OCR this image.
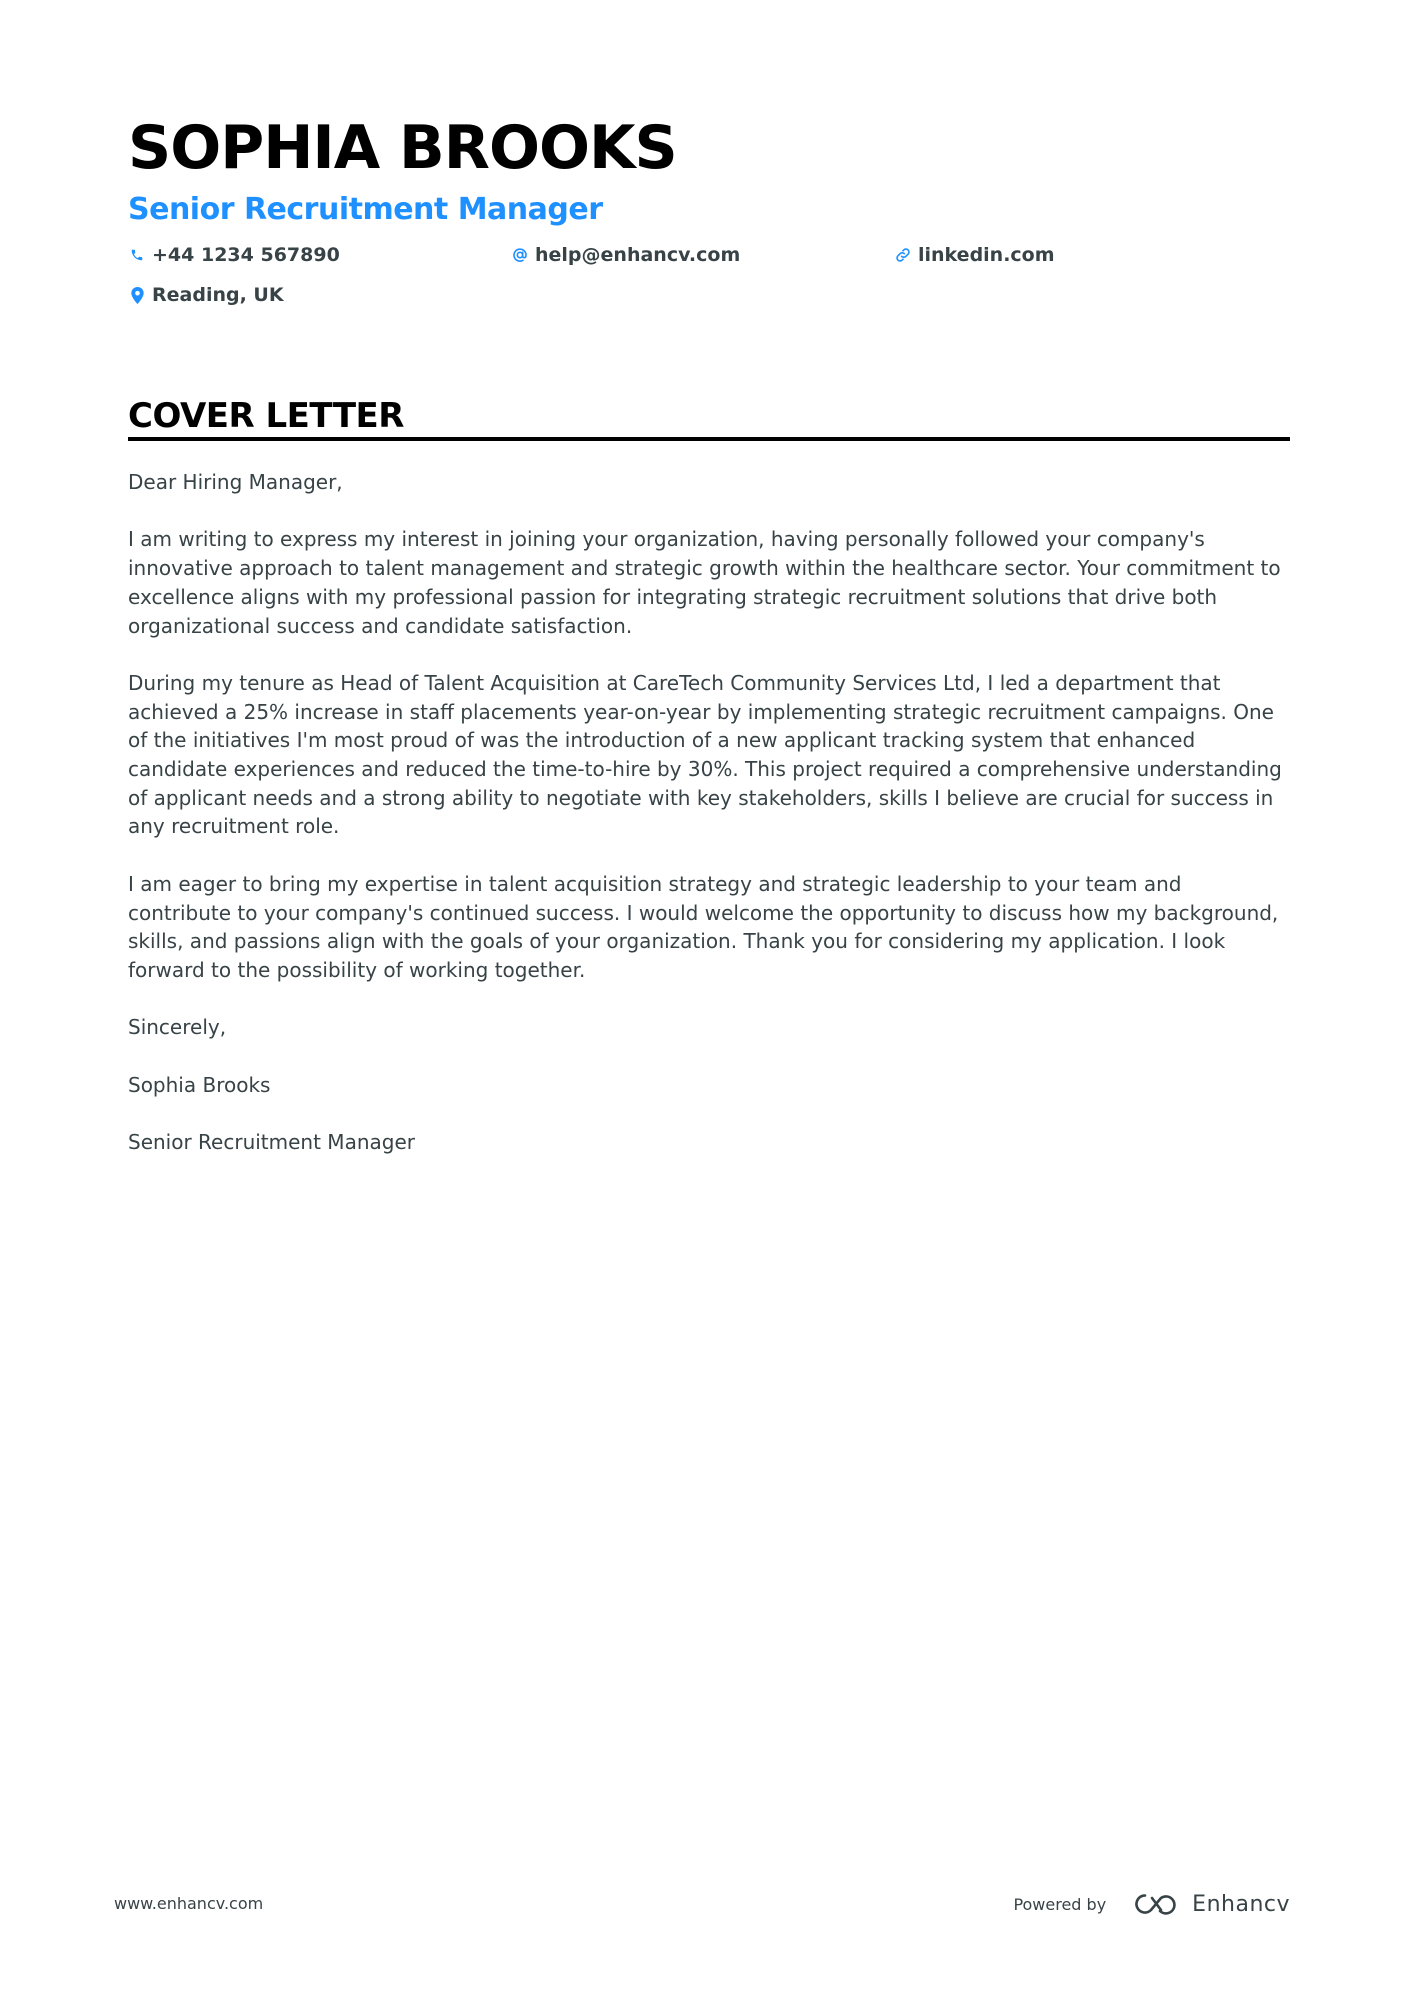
SOPHIA BROOKS
Senior Recruitment Manager
+44 1234 567890	help@enhancv.com	linkedin.com
Reading, UK
COVER LETTER

Dear Hiring Manager,

I am writing to express my interest in joining your organization, having personally followed your company's innovative approach to talent management and strategic growth within the healthcare sector. Your commitment to excellence aligns with my professional passion for integrating strategic recruitment solutions that drive both organizational success and candidate satisfaction.

During my tenure as Head of Talent Acquisition at CareTech Community Services Ltd, I led a department that achieved a 25% increase in staff placements year-on-year by implementing strategic recruitment campaigns. One of the initiatives I'm most proud of was the introduction of a new applicant tracking system that enhanced candidate experiences and reduced the time-to-hire by 30%. This project required a comprehensive understanding of applicant needs and a strong ability to negotiate with key stakeholders, skills I believe are crucial for success in any recruitment role.

I am eager to bring my expertise in talent acquisition strategy and strategic leadership to your team and contribute to your company's continued success. I would welcome the opportunity to discuss how my background, skills, and passions align with the goals of your organization. Thank you for considering my application. I look forward to the possibility of working together.

Sincerely,

Sophia Brooks

Senior Recruitment Manager

www.enhancv.com	Powered by	Enhancv
